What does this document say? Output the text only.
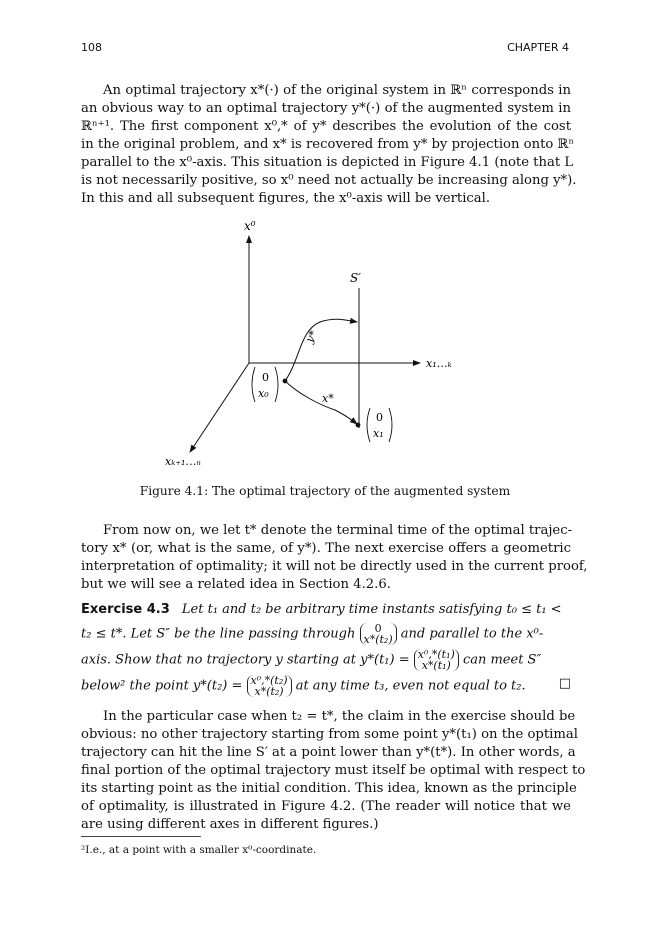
108	CHAPTER 4
An optimal trajectory x*(·) of the original system in ℝⁿ corresponds in
an obvious way to an optimal trajectory y*(·) of the augmented system in
ℝⁿ⁺¹. The first component x⁰,* of y* describes the evolution of the cost
in the original problem, and x* is recovered from y* by projection onto ℝⁿ
parallel to the x⁰-axis. This situation is depicted in Figure 4.1 (note that L
is not necessarily positive, so x⁰ need not actually be increasing along y*).
In this and all subsequent figures, the x⁰-axis will be vertical.
x⁰
S′
x₁…ₖ
xₖ₊₁…ₙ
y*
x*
0
x₀
0
x₁
Figure 4.1: The optimal trajectory of the augmented system
From now on, we let t* denote the terminal time of the optimal trajec-
tory x* (or, what is the same, of y*). The next exercise offers a geometric
interpretation of optimality; it will not be directly used in the current proof,
but we will see a related idea in Section 4.2.6.
Exercise 4.3 Let t₁ and t₂ be arbitrary time instants satisfying t₀ ≤ t₁ <
t₂ ≤ t*. Let S″ be the line passing through 0
x*(t₂) and parallel to the x⁰-
axis. Show that no trajectory y starting at y*(t₁) = x⁰,*(t₁)
x*(t₁) can meet S″
below² the point y*(t₂) = x⁰,*(t₂)
x*(t₂) at any time t₃, even not equal to t₂.	□
In the particular case when t₂ = t*, the claim in the exercise should be
obvious: no other trajectory starting from some point y*(t₁) on the optimal
trajectory can hit the line S′ at a point lower than y*(t*). In other words, a
final portion of the optimal trajectory must itself be optimal with respect to
its starting point as the initial condition. This idea, known as the principle
of optimality, is illustrated in Figure 4.2. (The reader will notice that we
are using different axes in different figures.)
²I.e., at a point with a smaller x⁰-coordinate.
